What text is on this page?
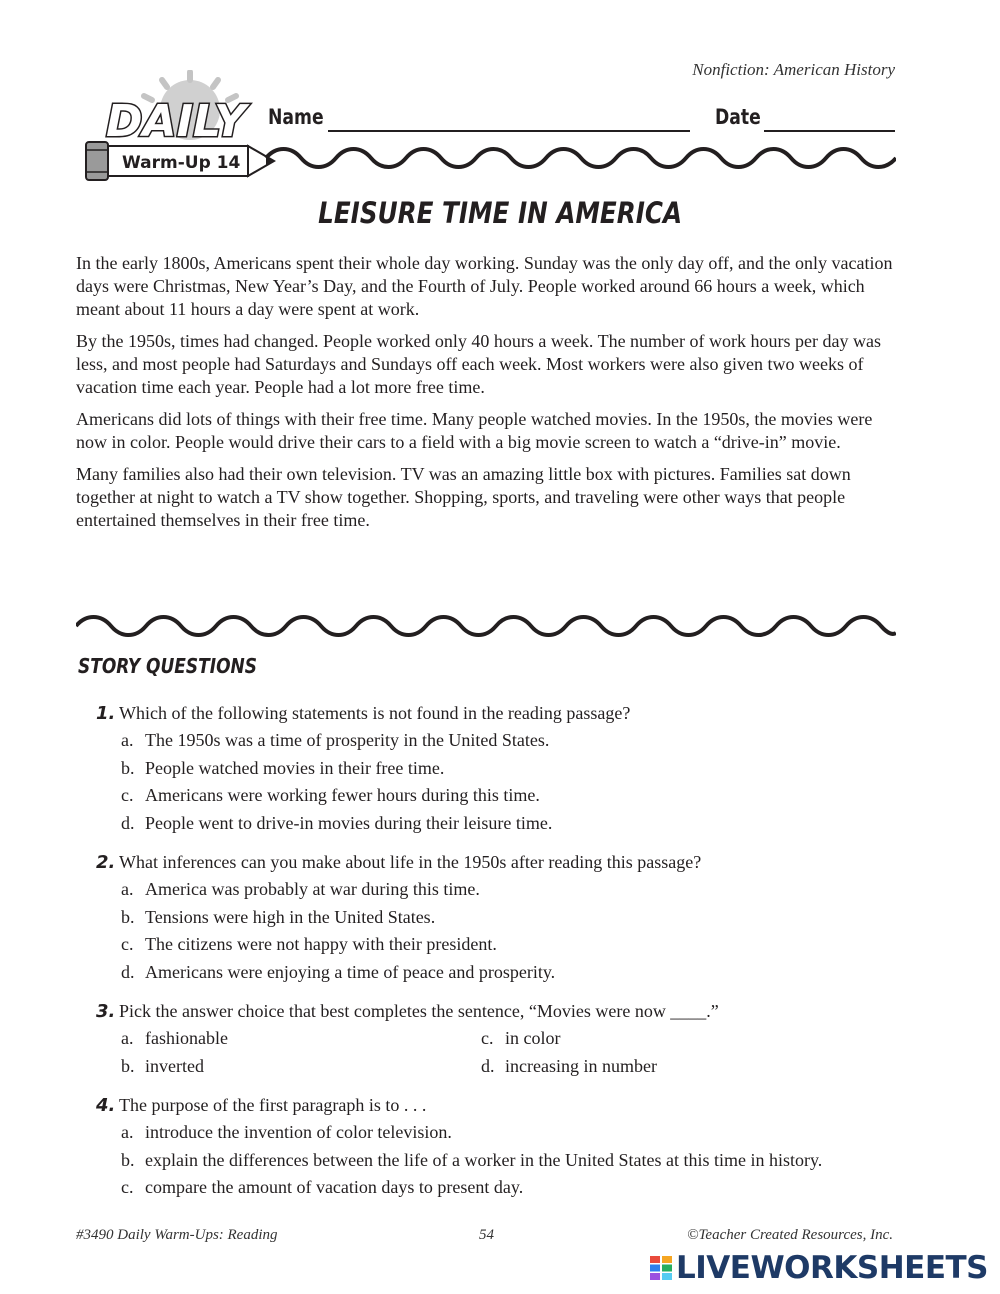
Nonfiction: American History
DAILY
Warm-Up 14
Name	Date
LEISURE TIME IN AMERICA

In the early 1800s, Americans spent their whole day working. Sunday was the only day off, and the only vacation days were Christmas, New Year’s Day, and the Fourth of July. People worked around 66 hours a week, which meant about 11 hours a day were spent at work.

By the 1950s, times had changed. People worked only 40 hours a week. The number of work hours per day was less, and most people had Saturdays and Sundays off each week. Most workers were also given two weeks of vacation time each year. People had a lot more free time.

Americans did lots of things with their free time. Many people watched movies. In the 1950s, the movies were now in color. People would drive their cars to a field with a big movie screen to watch a “drive-in” movie.

Many families also had their own television. TV was an amazing little box with pictures. Families sat down together at night to watch a TV show together. Shopping, sports, and traveling were other ways that people entertained themselves in their free time.

STORY QUESTIONS
1. Which of the following statements is not found in the reading passage?
a. The 1950s was a time of prosperity in the United States.
b. People watched movies in their free time.
c. Americans were working fewer hours during this time.
d. People went to drive-in movies during their leisure time.
2. What inferences can you make about life in the 1950s after reading this passage?
a. America was probably at war during this time.
b. Tensions were high in the United States.
c. The citizens were not happy with their president.
d. Americans were enjoying a time of peace and prosperity.
3. Pick the answer choice that best completes the sentence, “Movies were now ____.”
a. fashionable	c. in color
b. inverted	d. increasing in number
4. The purpose of the first paragraph is to . . .
a. introduce the invention of color television.
b. explain the differences between the life of a worker in the United States at this time in history.
c. compare the amount of vacation days to present day.
#3490 Daily Warm-Ups: Reading	54	©Teacher Created Resources, Inc.
LIVEWORKSHEETS
